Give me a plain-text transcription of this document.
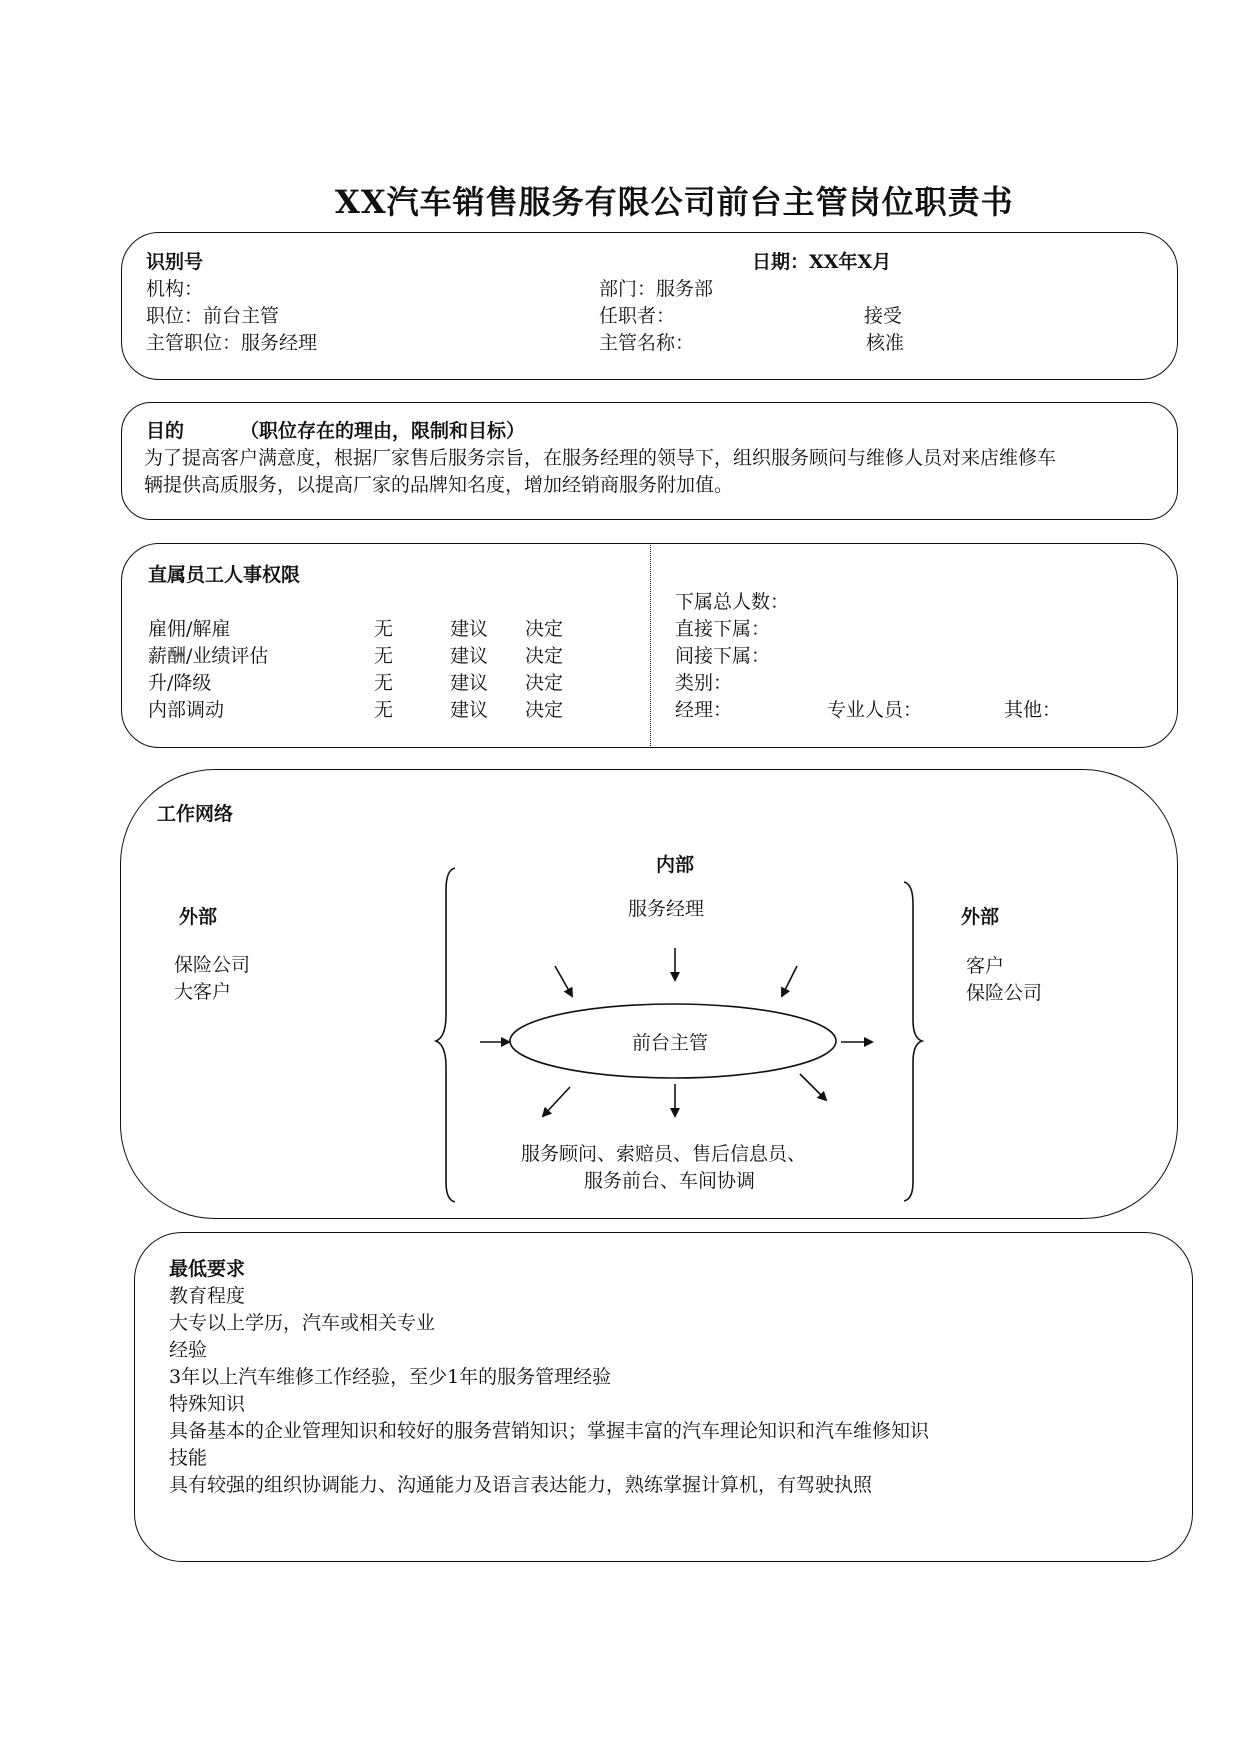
XX汽车销售服务有限公司前台主管岗位职责书
识别号	日期：XX年X月
机构：	部门：服务部
职位：前台主管	任职者：	接受
主管职位：服务经理	主管名称：	核准
目的	（职位存在的理由，限制和目标）
为了提高客户满意度，根据厂家售后服务宗旨，在服务经理的领导下，组织服务顾问与维修人员对来店维修车
辆提供高质服务，以提高厂家的品牌知名度，增加经销商服务附加值。
直属员工人事权限
雇佣/解雇	无	建议 决定
薪酬/业绩评估	无	建议 决定
升/降级	无	建议 决定
内部调动	无	建议 决定
下属总人数：
直接下属：
间接下属：
类别：
经理：	专业人员：	其他：
工作网络
内部
服务经理
前台主管
外部
保险公司
大客户
外部
客户
保险公司
服务顾问、索赔员、售后信息员、
服务前台、车间协调
最低要求
教育程度
大专以上学历，汽车或相关专业
经验
3年以上汽车维修工作经验，至少1年的服务管理经验
特殊知识
具备基本的企业管理知识和较好的服务营销知识；掌握丰富的汽车理论知识和汽车维修知识
技能
具有较强的组织协调能力、沟通能力及语言表达能力，熟练掌握计算机，有驾驶执照
